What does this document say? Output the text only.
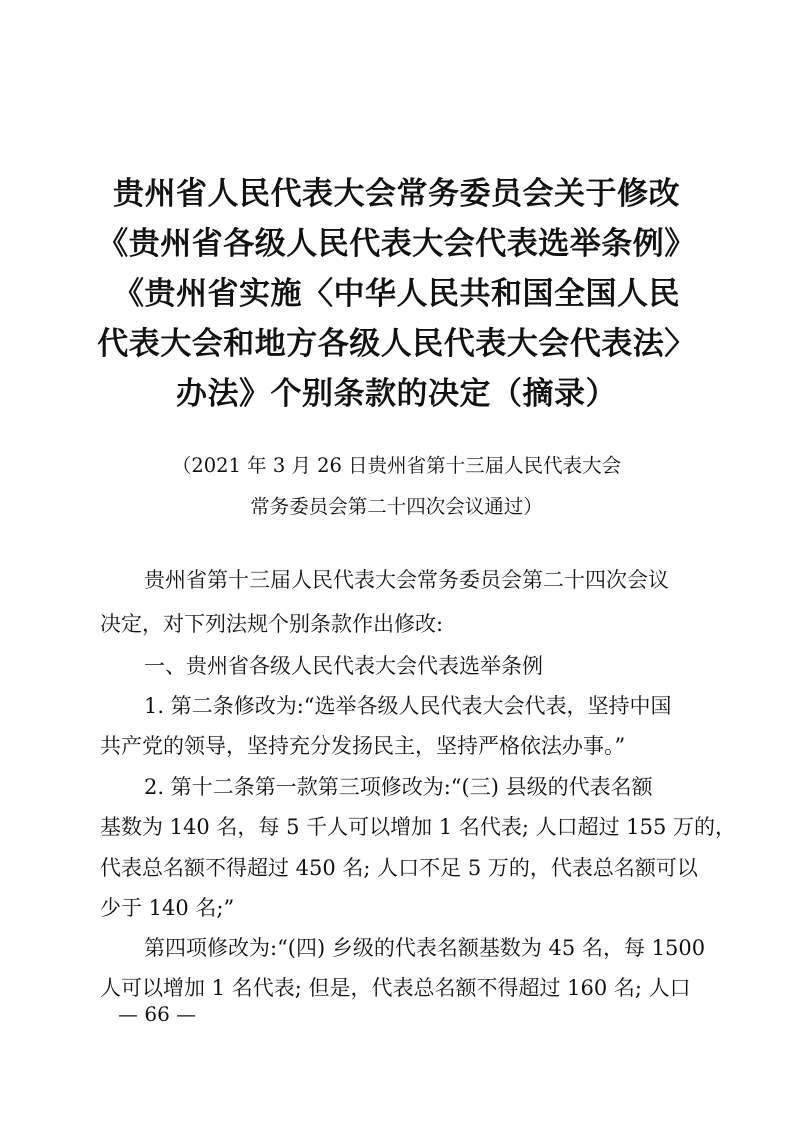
贵州省人民代表大会常务委员会关于修改
《贵州省各级人民代表大会代表选举条例》
《贵州省实施〈中华人民共和国全国人民
代表大会和地方各级人民代表大会代表法〉
办法》个别条款的决定（摘录）
（2021 年 3 月 26 日贵州省第十三届人民代表大会
常务委员会第二十四次会议通过）
贵州省第十三届人民代表大会常务委员会第二十四次会议
决定，对下列法规个别条款作出修改:
一、贵州省各级人民代表大会代表选举条例
1. 第二条修改为:“选举各级人民代表大会代表，坚持中国
共产党的领导，坚持充分发扬民主，坚持严格依法办事。”
2. 第十二条第一款第三项修改为:“(三) 县级的代表名额
基数为 140 名，每 5 千人可以增加 1 名代表; 人口超过 155 万的，
代表总名额不得超过 450 名; 人口不足 5 万的，代表总名额可以
少于 140 名;”
第四项修改为:“(四) 乡级的代表名额基数为 45 名，每 1500
人可以增加 1 名代表; 但是，代表总名额不得超过 160 名; 人口
— 66 —
